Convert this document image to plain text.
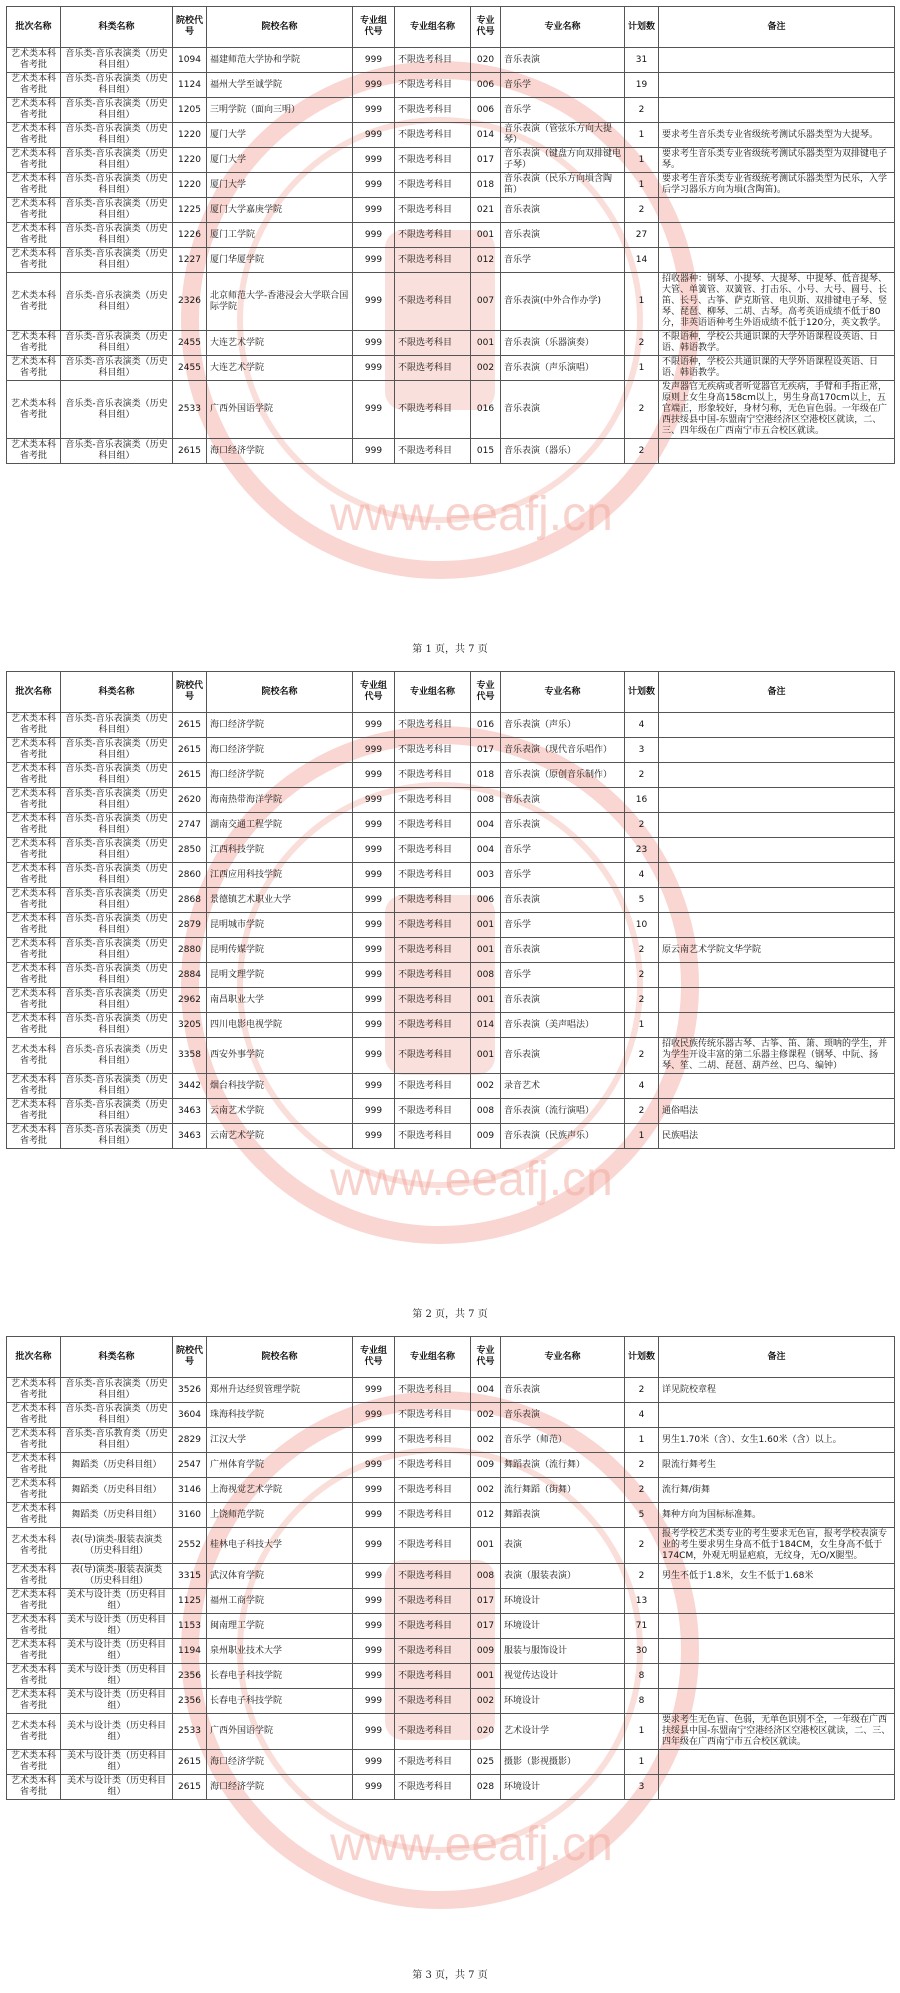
www.eeafj.cn
批次名称	科类名称	院校代号	院校名称	专业组代号	专业组名称	专业代号	专业名称	计划数	备注
艺术类本科省考批	音乐类-音乐表演类（历史科目组）	1094	福建师范大学协和学院	999	不限选考科目	020	音乐表演	31	
艺术类本科省考批	音乐类-音乐表演类（历史科目组）	1124	福州大学至诚学院	999	不限选考科目	006	音乐学	19	
艺术类本科省考批	音乐类-音乐表演类（历史科目组）	1205	三明学院（面向三明）	999	不限选考科目	006	音乐学	2	
艺术类本科省考批	音乐类-音乐表演类（历史科目组）	1220	厦门大学	999	不限选考科目	014	音乐表演（管弦乐方向大提琴）	1	要求考生音乐类专业省级统考测试乐器类型为大提琴。
艺术类本科省考批	音乐类-音乐表演类（历史科目组）	1220	厦门大学	999	不限选考科目	017	音乐表演（键盘方向双排键电子琴）	1	要求考生音乐类专业省级统考测试乐器类型为双排键电子琴。
艺术类本科省考批	音乐类-音乐表演类（历史科目组）	1220	厦门大学	999	不限选考科目	018	音乐表演（民乐方向塤含陶笛）	1	要求考生音乐类专业省级统考测试乐器类型为民乐，入学后学习器乐方向为塤(含陶笛)。
艺术类本科省考批	音乐类-音乐表演类（历史科目组）	1225	厦门大学嘉庚学院	999	不限选考科目	021	音乐表演	2	
艺术类本科省考批	音乐类-音乐表演类（历史科目组）	1226	厦门工学院	999	不限选考科目	001	音乐表演	27	
艺术类本科省考批	音乐类-音乐表演类（历史科目组）	1227	厦门华厦学院	999	不限选考科目	012	音乐学	14	
艺术类本科省考批	音乐类-音乐表演类（历史科目组）	2326	北京师范大学-香港浸会大学联合国际学院	999	不限选考科目	007	音乐表演(中外合作办学)	1	招收器种：钢琴、小提琴、大提琴、中提琴、低音提琴、大管、单簧管、双簧管、打击乐、小号、大号、圆号、长笛、长号、古筝、萨克斯管、电贝斯、双排键电子琴、竖琴、琵琶、柳琴、二胡、古琴。高考英语成绩不低于80分，非英语语种考生外语成绩不低于120分，英文教学。
艺术类本科省考批	音乐类-音乐表演类（历史科目组）	2455	大连艺术学院	999	不限选考科目	001	音乐表演（乐器演奏）	2	不限语种，学校公共通识课的大学外语课程设英语、日语、韩语教学。
艺术类本科省考批	音乐类-音乐表演类（历史科目组）	2455	大连艺术学院	999	不限选考科目	002	音乐表演（声乐演唱）	1	不限语种，学校公共通识课的大学外语课程设英语、日语、韩语教学。
艺术类本科省考批	音乐类-音乐表演类（历史科目组）	2533	广西外国语学院	999	不限选考科目	016	音乐表演	2	发声器官无疾病或者听觉器官无疾病，手臂和手指正常，原则上女生身高158cm以上，男生身高170cm以上，五官端正，形象较好，身材匀称，无色盲色弱。一年级在广西扶绥县中国-东盟南宁空港经济区空港校区就读，二、三、四年级在广西南宁市五合校区就读。
艺术类本科省考批	音乐类-音乐表演类（历史科目组）	2615	海口经济学院	999	不限选考科目	015	音乐表演（器乐）	2	
第 1 页，共 7 页
www.eeafj.cn
批次名称	科类名称	院校代号	院校名称	专业组代号	专业组名称	专业代号	专业名称	计划数	备注
艺术类本科省考批	音乐类-音乐表演类（历史科目组）	2615	海口经济学院	999	不限选考科目	016	音乐表演（声乐）	4	
艺术类本科省考批	音乐类-音乐表演类（历史科目组）	2615	海口经济学院	999	不限选考科目	017	音乐表演（现代音乐唱作）	3	
艺术类本科省考批	音乐类-音乐表演类（历史科目组）	2615	海口经济学院	999	不限选考科目	018	音乐表演（原创音乐制作）	2	
艺术类本科省考批	音乐类-音乐表演类（历史科目组）	2620	海南热带海洋学院	999	不限选考科目	008	音乐表演	16	
艺术类本科省考批	音乐类-音乐表演类（历史科目组）	2747	湖南交通工程学院	999	不限选考科目	004	音乐表演	2	
艺术类本科省考批	音乐类-音乐表演类（历史科目组）	2850	江西科技学院	999	不限选考科目	004	音乐学	23	
艺术类本科省考批	音乐类-音乐表演类（历史科目组）	2860	江西应用科技学院	999	不限选考科目	003	音乐学	4	
艺术类本科省考批	音乐类-音乐表演类（历史科目组）	2868	景德镇艺术职业大学	999	不限选考科目	006	音乐表演	5	
艺术类本科省考批	音乐类-音乐表演类（历史科目组）	2879	昆明城市学院	999	不限选考科目	001	音乐学	10	
艺术类本科省考批	音乐类-音乐表演类（历史科目组）	2880	昆明传媒学院	999	不限选考科目	001	音乐表演	2	原云南艺术学院文华学院
艺术类本科省考批	音乐类-音乐表演类（历史科目组）	2884	昆明文理学院	999	不限选考科目	008	音乐学	2	
艺术类本科省考批	音乐类-音乐表演类（历史科目组）	2962	南昌职业大学	999	不限选考科目	001	音乐表演	2	
艺术类本科省考批	音乐类-音乐表演类（历史科目组）	3205	四川电影电视学院	999	不限选考科目	014	音乐表演（美声唱法）	1	
艺术类本科省考批	音乐类-音乐表演类（历史科目组）	3358	西安外事学院	999	不限选考科目	001	音乐表演	2	招收民族传统乐器古琴、古筝、笛、箫、琐呐的学生，并为学生开设丰富的第二乐器主修课程（钢琴、中阮、扬琴、笙、二胡、琵琶、葫芦丝、巴乌、编钟）
艺术类本科省考批	音乐类-音乐表演类（历史科目组）	3442	烟台科技学院	999	不限选考科目	002	录音艺术	4	
艺术类本科省考批	音乐类-音乐表演类（历史科目组）	3463	云南艺术学院	999	不限选考科目	008	音乐表演（流行演唱）	2	通俗唱法
艺术类本科省考批	音乐类-音乐表演类（历史科目组）	3463	云南艺术学院	999	不限选考科目	009	音乐表演（民族声乐）	1	民族唱法
第 2 页，共 7 页
www.eeafj.cn
批次名称	科类名称	院校代号	院校名称	专业组代号	专业组名称	专业代号	专业名称	计划数	备注
艺术类本科省考批	音乐类-音乐表演类（历史科目组）	3526	郑州升达经贸管理学院	999	不限选考科目	004	音乐表演	2	详见院校章程
艺术类本科省考批	音乐类-音乐表演类（历史科目组）	3604	珠海科技学院	999	不限选考科目	002	音乐表演	4	
艺术类本科省考批	音乐类-音乐教育类（历史科目组）	2829	江汉大学	999	不限选考科目	002	音乐学（师范）	1	男生1.70米（含）、女生1.60米（含）以上。
艺术类本科省考批	舞蹈类（历史科目组）	2547	广州体育学院	999	不限选考科目	009	舞蹈表演（流行舞）	2	限流行舞考生
艺术类本科省考批	舞蹈类（历史科目组）	3146	上海视觉艺术学院	999	不限选考科目	002	流行舞蹈（街舞）	2	流行舞/街舞
艺术类本科省考批	舞蹈类（历史科目组）	3160	上饶师范学院	999	不限选考科目	012	舞蹈表演	5	舞种方向为国标标准舞。
艺术类本科省考批	表(导)演类-服装表演类（历史科目组）	2552	桂林电子科技大学	999	不限选考科目	001	表演	2	报考学校艺术类专业的考生要求无色盲，报考学校表演专业的考生要求男生身高不低于184CM，女生身高不低于174CM，外观无明显疤痕，无纹身，无O/X腿型。
艺术类本科省考批	表(导)演类-服装表演类（历史科目组）	3315	武汉体育学院	999	不限选考科目	008	表演（服装表演）	2	男生不低于1.8米，女生不低于1.68米
艺术类本科省考批	美术与设计类（历史科目组）	1125	福州工商学院	999	不限选考科目	017	环境设计	13	
艺术类本科省考批	美术与设计类（历史科目组）	1153	闽南理工学院	999	不限选考科目	017	环境设计	71	
艺术类本科省考批	美术与设计类（历史科目组）	1194	泉州职业技术大学	999	不限选考科目	009	服装与服饰设计	30	
艺术类本科省考批	美术与设计类（历史科目组）	2356	长春电子科技学院	999	不限选考科目	001	视觉传达设计	8	
艺术类本科省考批	美术与设计类（历史科目组）	2356	长春电子科技学院	999	不限选考科目	002	环境设计	8	
艺术类本科省考批	美术与设计类（历史科目组）	2533	广西外国语学院	999	不限选考科目	020	艺术设计学	1	要求考生无色盲、色弱，无单色识别不全，一年级在广西扶绥县中国-东盟南宁空港经济区空港校区就读，二、三、四年级在广西南宁市五合校区就读。
艺术类本科省考批	美术与设计类（历史科目组）	2615	海口经济学院	999	不限选考科目	025	摄影（影视摄影）	1	
艺术类本科省考批	美术与设计类（历史科目组）	2615	海口经济学院	999	不限选考科目	028	环境设计	3	
第 3 页，共 7 页
